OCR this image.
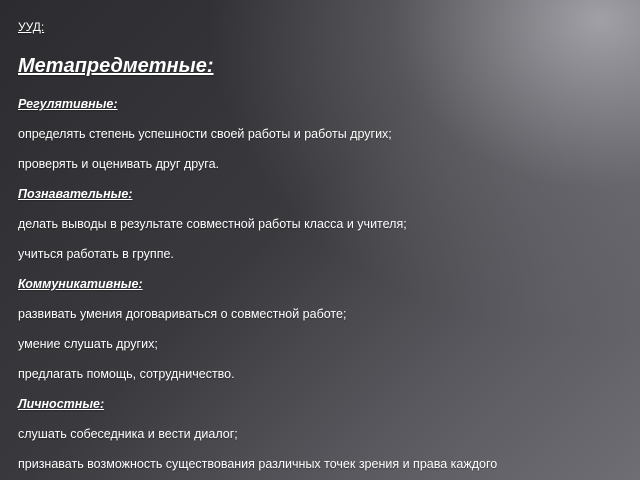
УУД:
Метапредметные:
Регулятивные:
определять степень успешности своей работы и работы других;
проверять и оценивать друг друга.
Познавательные:
делать выводы в результате совместной работы класса и учителя;
учиться работать в группе.
Коммуникативные:
развивать умения договариваться о совместной работе;
умение слушать других;
предлагать помощь, сотрудничество.
Личностные:
слушать собеседника и вести диалог;
признавать возможность существования различных точек зрения и права каждого
